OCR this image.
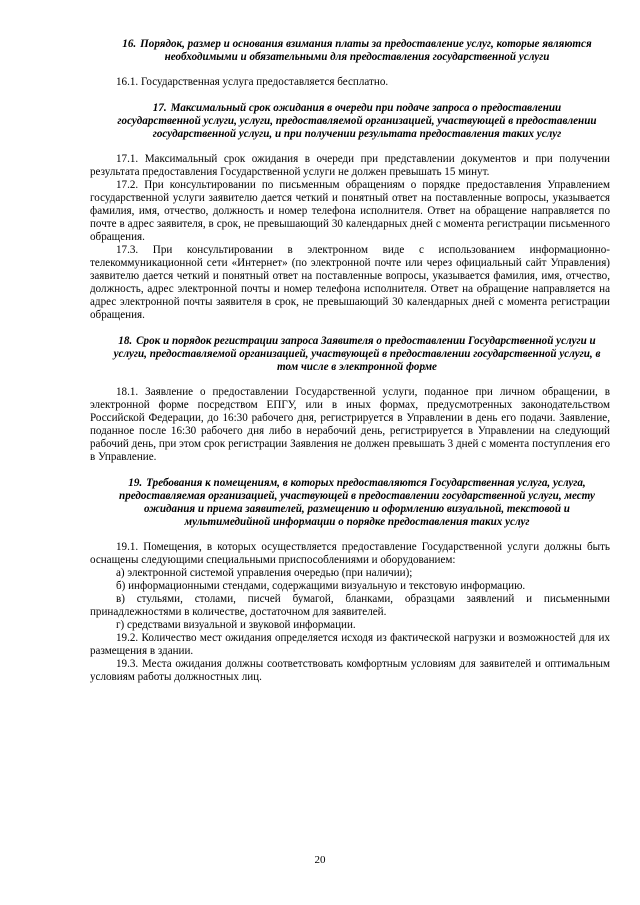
16. Порядок, размер и основания взимания платы за предоставление услуг, которые являются необходимыми и обязательными для предоставления государственной услуги

16.1. Государственная услуга предоставляется бесплатно.

17. Максимальный срок ожидания в очереди при подаче запроса о предоставлении государственной услуги, услуги, предоставляемой организацией, участвующей в предоставлении государственной услуги, и при получении результата предоставления таких услуг

17.1. Максимальный срок ожидания в очереди при представлении документов и при получении результата предоставления Государственной услуги не должен превышать 15 минут.

17.2. При консультировании по письменным обращениям о порядке предоставления Управлением государственной услуги заявителю дается четкий и понятный ответ на поставленные вопросы, указывается фамилия, имя, отчество, должность и номер телефона исполнителя. Ответ на обращение направляется по почте в адрес заявителя, в срок, не превышающий 30 календарных дней с момента регистрации письменного обращения.

17.3. При консультировании в электронном виде с использованием информационно-телекоммуникационной сети «Интернет» (по электронной почте или через официальный сайт Управления) заявителю дается четкий и понятный ответ на поставленные вопросы, указывается фамилия, имя, отчество, должность, адрес электронной почты и номер телефона исполнителя. Ответ на обращение направляется на адрес электронной почты заявителя в срок, не превышающий 30 календарных дней с момента регистрации обращения.

18. Срок и порядок регистрации запроса Заявителя о предоставлении Государственной услуги и услуги, предоставляемой организацией, участвующей в предоставлении государственной услуги, в том числе в электронной форме

18.1. Заявление о предоставлении Государственной услуги, поданное при личном обращении, в электронной форме посредством ЕПГУ, или в иных формах, предусмотренных законодательством Российской Федерации, до 16:30 рабочего дня, регистрируется в Управлении в день его подачи. Заявление, поданное после 16:30 рабочего дня либо в нерабочий день, регистрируется в Управлении на следующий рабочий день, при этом срок регистрации Заявления не должен превышать 3 дней с момента поступления его в Управление.

19. Требования к помещениям, в которых предоставляются Государственная услуга, услуга, предоставляемая организацией, участвующей в предоставлении государственной услуги, месту ожидания и приема заявителей, размещению и оформлению визуальной, текстовой и мультимедийной информации о порядке предоставления таких услуг

19.1. Помещения, в которых осуществляется предоставление Государственной услуги должны быть оснащены следующими специальными приспособлениями и оборудованием:

а) электронной системой управления очередью (при наличии);

б) информационными стендами, содержащими визуальную и текстовую информацию.

в) стульями, столами, писчей бумагой, бланками, образцами заявлений и письменными принадлежностями в количестве, достаточном для заявителей.

г) средствами визуальной и звуковой информации.

19.2. Количество мест ожидания определяется исходя из фактической нагрузки и возможностей для их размещения в здании.

19.3. Места ожидания должны соответствовать комфортным условиям для заявителей и оптимальным условиям работы должностных лиц.

20
